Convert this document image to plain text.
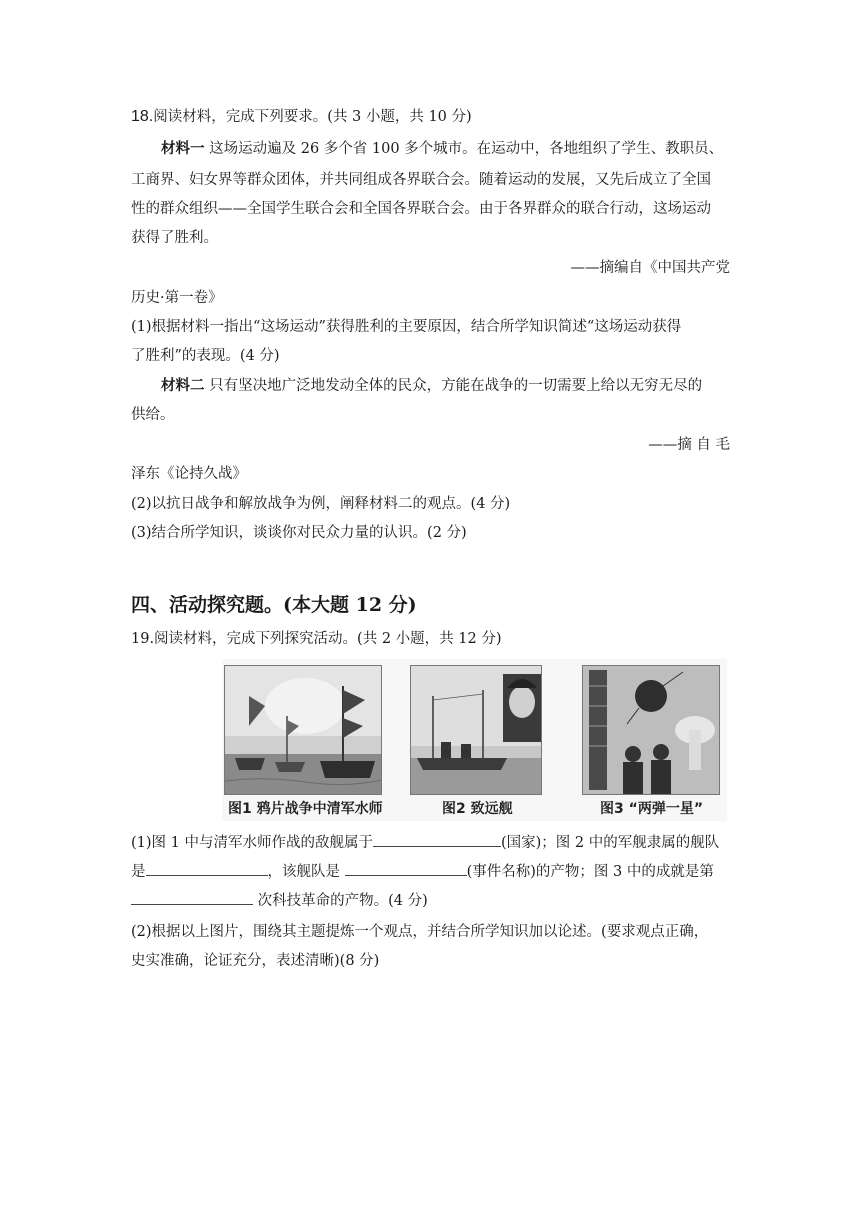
18.阅读材料，完成下列要求。(共 3 小题，共 10 分)
材料一 这场运动遍及 26 多个省 100 多个城市。在运动中，各地组织了学生、教职员、
工商界、妇女界等群众团体，并共同组成各界联合会。随着运动的发展，又先后成立了全国
性的群众组织——全国学生联合会和全国各界联合会。由于各界群众的联合行动，这场运动
获得了胜利。
——摘编自《中国共产党
历史·第一卷》
(1)根据材料一指出“这场运动”获得胜利的主要原因，结合所学知识简述“这场运动获得
了胜利”的表现。(4 分)
材料二 只有坚决地广泛地发动全体的民众，方能在战争的一切需要上给以无穷无尽的
供给。
——摘 自 毛
泽东《论持久战》
(2)以抗日战争和解放战争为例，阐释材料二的观点。(4 分)
(3)结合所学知识，谈谈你对民众力量的认识。(2 分)
四、活动探究题。(本大题 12 分)
19.阅读材料，完成下列探究活动。(共 2 小题，共 12 分)
图1 鸦片战争中清军水师	图2 致远舰	图3 “两弹一星”
(1)图 1 中与清军水师作战的敌舰属于	(国家)；图 2 中的军舰隶属的舰队
是	，该舰队是	(事件名称)的产物；图 3 中的成就是第
次科技革命的产物。(4 分)
(2)根据以上图片，围绕其主题提炼一个观点，并结合所学知识加以论述。(要求观点正确，
史实准确，论证充分，表述清晰)(8 分)
